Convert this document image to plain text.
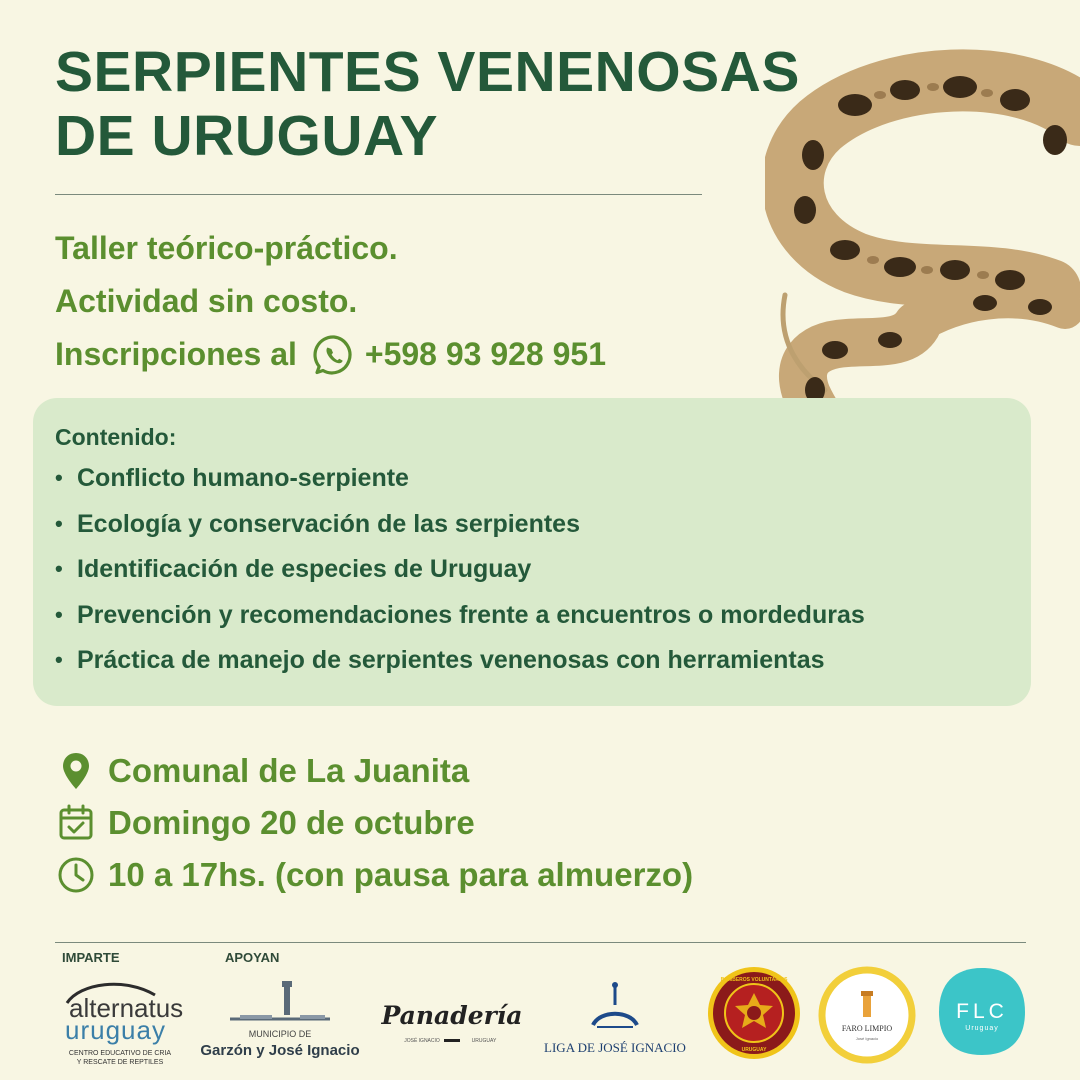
SERPIENTES VENENOSAS
DE URUGUAY
Taller teórico-práctico.
Actividad sin costo.
Inscripciones al +598 93 928 951
Contenido:
• Conflicto humano-serpiente
• Ecología y conservación de las serpientes
• Identificación de especies de Uruguay
• Prevención y recomendaciones frente a encuentros o mordeduras
• Práctica de manejo de serpientes venenosas con herramientas
Comunal de La Juanita
Domingo 20 de octubre
10 a 17hs. (con pausa para almuerzo)
IMPARTE	APOYAN
alternatus
uruguay
CENTRO EDUCATIVO DE CRIA
Y RESCATE DE REPTILES
MUNICIPIO DE
Garzón y José Ignacio
Panadería
JOSÉ IGNACIO	URUGUAY	LIGA DE JOSÉ IGNACIO
BOMBEROS VOLUNTARIOS
URUGUAY
FARO LIMPIO
José Ignacio
FLC
Uruguay
